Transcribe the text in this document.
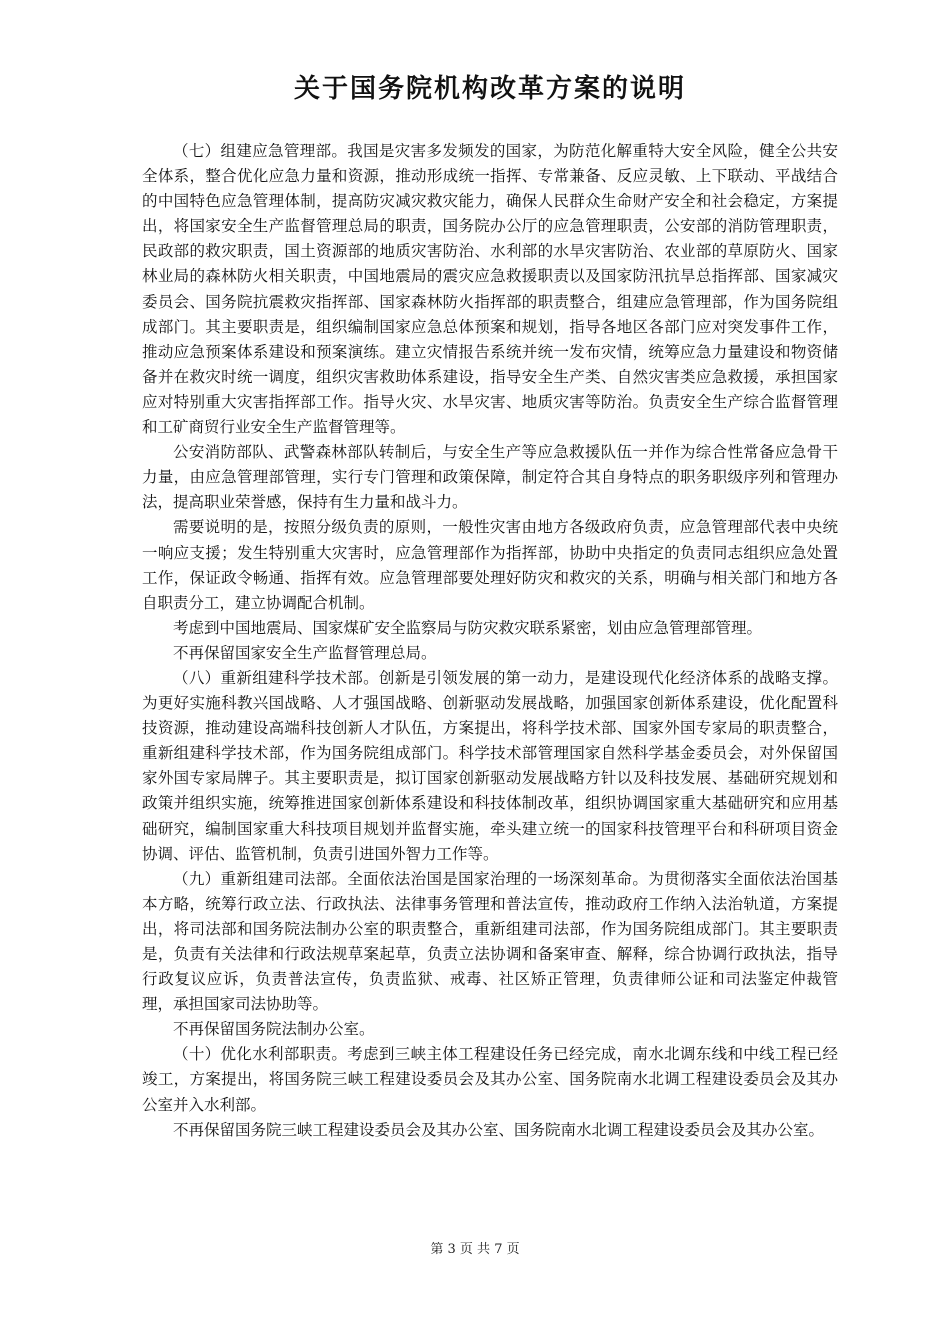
关于国务院机构改革方案的说明

（七）组建应急管理部。我国是灾害多发频发的国家，为防范化解重特大安全风险，健全公共安全体系，整合优化应急力量和资源，推动形成统一指挥、专常兼备、反应灵敏、上下联动、平战结合的中国特色应急管理体制，提高防灾减灾救灾能力，确保人民群众生命财产安全和社会稳定，方案提出，将国家安全生产监督管理总局的职责，国务院办公厅的应急管理职责，公安部的消防管理职责，民政部的救灾职责，国土资源部的地质灾害防治、水利部的水旱灾害防治、农业部的草原防火、国家林业局的森林防火相关职责，中国地震局的震灾应急救援职责以及国家防汛抗旱总指挥部、国家减灾委员会、国务院抗震救灾指挥部、国家森林防火指挥部的职责整合，组建应急管理部，作为国务院组成部门。其主要职责是，组织编制国家应急总体预案和规划，指导各地区各部门应对突发事件工作，推动应急预案体系建设和预案演练。建立灾情报告系统并统一发布灾情，统筹应急力量建设和物资储备并在救灾时统一调度，组织灾害救助体系建设，指导安全生产类、自然灾害类应急救援，承担国家应对特别重大灾害指挥部工作。指导火灾、水旱灾害、地质灾害等防治。负责安全生产综合监督管理和工矿商贸行业安全生产监督管理等。

公安消防部队、武警森林部队转制后，与安全生产等应急救援队伍一并作为综合性常备应急骨干力量，由应急管理部管理，实行专门管理和政策保障，制定符合其自身特点的职务职级序列和管理办法，提高职业荣誉感，保持有生力量和战斗力。

需要说明的是，按照分级负责的原则，一般性灾害由地方各级政府负责，应急管理部代表中央统一响应支援；发生特别重大灾害时，应急管理部作为指挥部，协助中央指定的负责同志组织应急处置工作，保证政令畅通、指挥有效。应急管理部要处理好防灾和救灾的关系，明确与相关部门和地方各自职责分工，建立协调配合机制。

考虑到中国地震局、国家煤矿安全监察局与防灾救灾联系紧密，划由应急管理部管理。

不再保留国家安全生产监督管理总局。

（八）重新组建科学技术部。创新是引领发展的第一动力，是建设现代化经济体系的战略支撑。为更好实施科教兴国战略、人才强国战略、创新驱动发展战略，加强国家创新体系建设，优化配置科技资源，推动建设高端科技创新人才队伍，方案提出，将科学技术部、国家外国专家局的职责整合，重新组建科学技术部，作为国务院组成部门。科学技术部管理国家自然科学基金委员会，对外保留国家外国专家局牌子。其主要职责是，拟订国家创新驱动发展战略方针以及科技发展、基础研究规划和政策并组织实施，统筹推进国家创新体系建设和科技体制改革，组织协调国家重大基础研究和应用基础研究，编制国家重大科技项目规划并监督实施，牵头建立统一的国家科技管理平台和科研项目资金协调、评估、监管机制，负责引进国外智力工作等。

（九）重新组建司法部。全面依法治国是国家治理的一场深刻革命。为贯彻落实全面依法治国基本方略，统筹行政立法、行政执法、法律事务管理和普法宣传，推动政府工作纳入法治轨道，方案提出，将司法部和国务院法制办公室的职责整合，重新组建司法部，作为国务院组成部门。其主要职责是，负责有关法律和行政法规草案起草，负责立法协调和备案审查、解释，综合协调行政执法，指导行政复议应诉，负责普法宣传，负责监狱、戒毒、社区矫正管理，负责律师公证和司法鉴定仲裁管理，承担国家司法协助等。

不再保留国务院法制办公室。

（十）优化水利部职责。考虑到三峡主体工程建设任务已经完成，南水北调东线和中线工程已经竣工，方案提出，将国务院三峡工程建设委员会及其办公室、国务院南水北调工程建设委员会及其办公室并入水利部。

不再保留国务院三峡工程建设委员会及其办公室、国务院南水北调工程建设委员会及其办公室。

第 3 页 共 7 页
